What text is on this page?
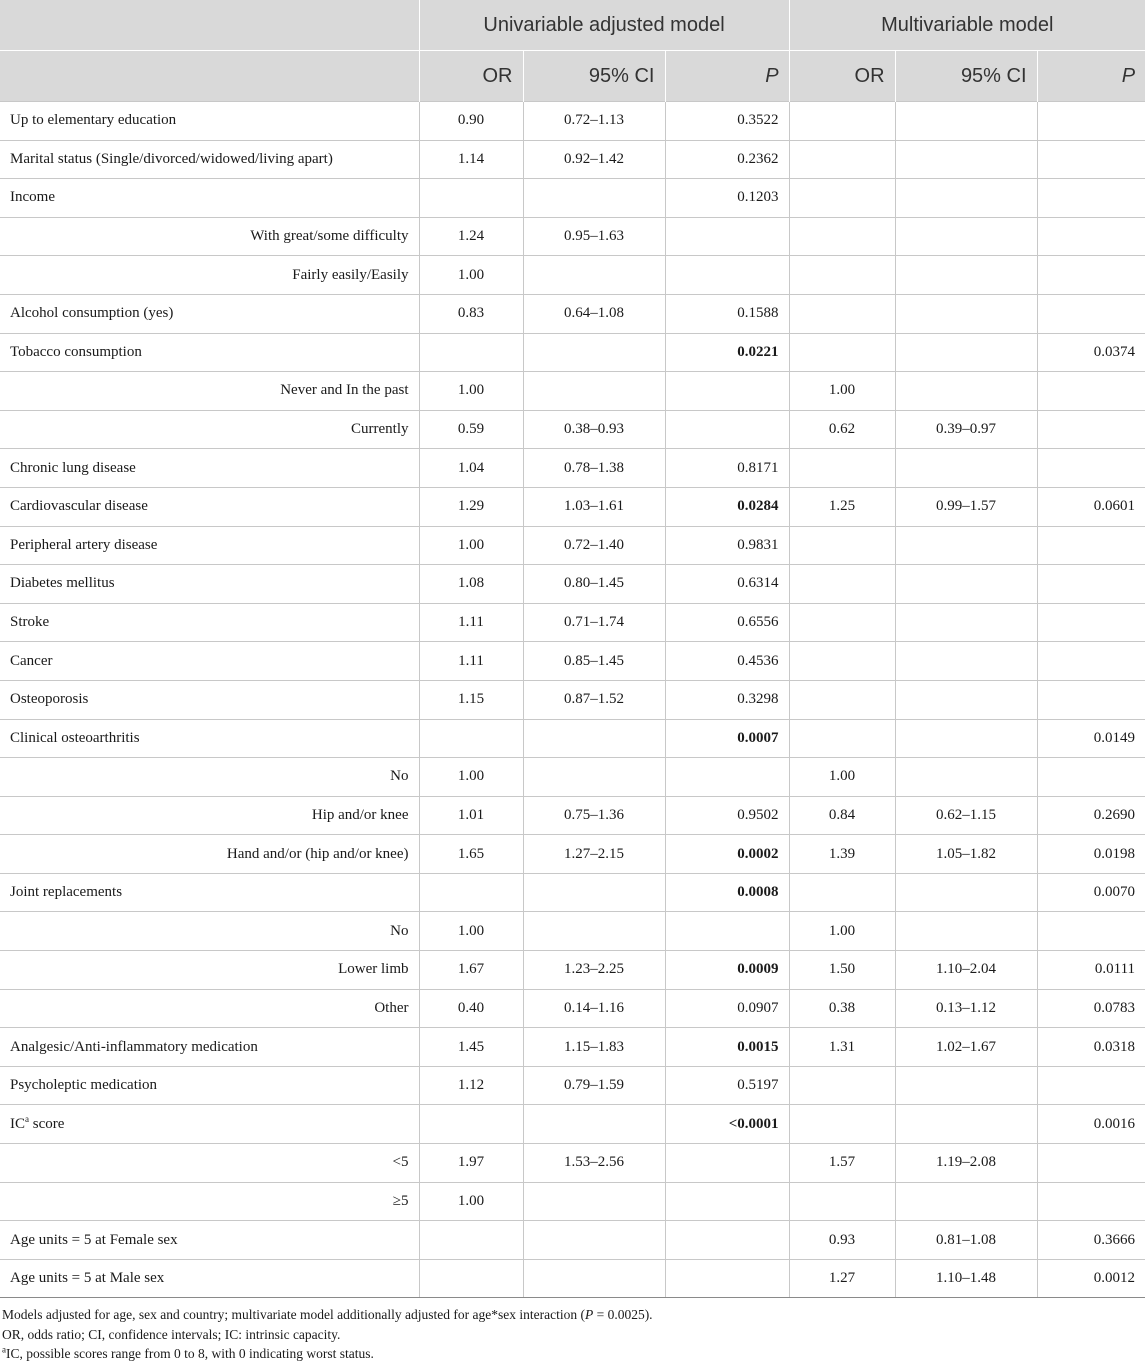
	Univariable adjusted model			Multivariable model		
	OR	95% CI	P	OR	95% CI	P
Up to elementary education	0.90	0.72–1.13	0.3522			
Marital status (Single/divorced/widowed/living apart)	1.14	0.92–1.42	0.2362			
Income			0.1203			
With great/some difficulty	1.24	0.95–1.63				
Fairly easily/Easily	1.00					
Alcohol consumption (yes)	0.83	0.64–1.08	0.1588			
Tobacco consumption			0.0221			0.0374
Never and In the past	1.00			1.00		
Currently	0.59	0.38–0.93		0.62	0.39–0.97	
Chronic lung disease	1.04	0.78–1.38	0.8171			
Cardiovascular disease	1.29	1.03–1.61	0.0284	1.25	0.99–1.57	0.0601
Peripheral artery disease	1.00	0.72–1.40	0.9831			
Diabetes mellitus	1.08	0.80–1.45	0.6314			
Stroke	1.11	0.71–1.74	0.6556			
Cancer	1.11	0.85–1.45	0.4536			
Osteoporosis	1.15	0.87–1.52	0.3298			
Clinical osteoarthritis			0.0007			0.0149
No	1.00			1.00		
Hip and/or knee	1.01	0.75–1.36	0.9502	0.84	0.62–1.15	0.2690
Hand and/or (hip and/or knee)	1.65	1.27–2.15	0.0002	1.39	1.05–1.82	0.0198
Joint replacements			0.0008			0.0070
No	1.00			1.00		
Lower limb	1.67	1.23–2.25	0.0009	1.50	1.10–2.04	0.0111
Other	0.40	0.14–1.16	0.0907	0.38	0.13–1.12	0.0783
Analgesic/Anti-inflammatory medication	1.45	1.15–1.83	0.0015	1.31	1.02–1.67	0.0318
Psycholeptic medication	1.12	0.79–1.59	0.5197			
$IC^a$ score			<0.0001			0.0016
<5	1.97	1.53–2.56		1.57	1.19–2.08	
≥5	1.00					
Age units = 5 at Female sex				0.93	0.81–1.08	0.3666
Age units = 5 at Male sex				1.27	1.10–1.48	0.0012
Models adjusted for age, sex and country; multivariate model additionally adjusted for age*sex interaction (P = 0.0025).
OR, odds ratio; CI, confidence intervals; IC: intrinsic capacity.
$^a$IC, possible scores range from 0 to 8, with 0 indicating worst status.
